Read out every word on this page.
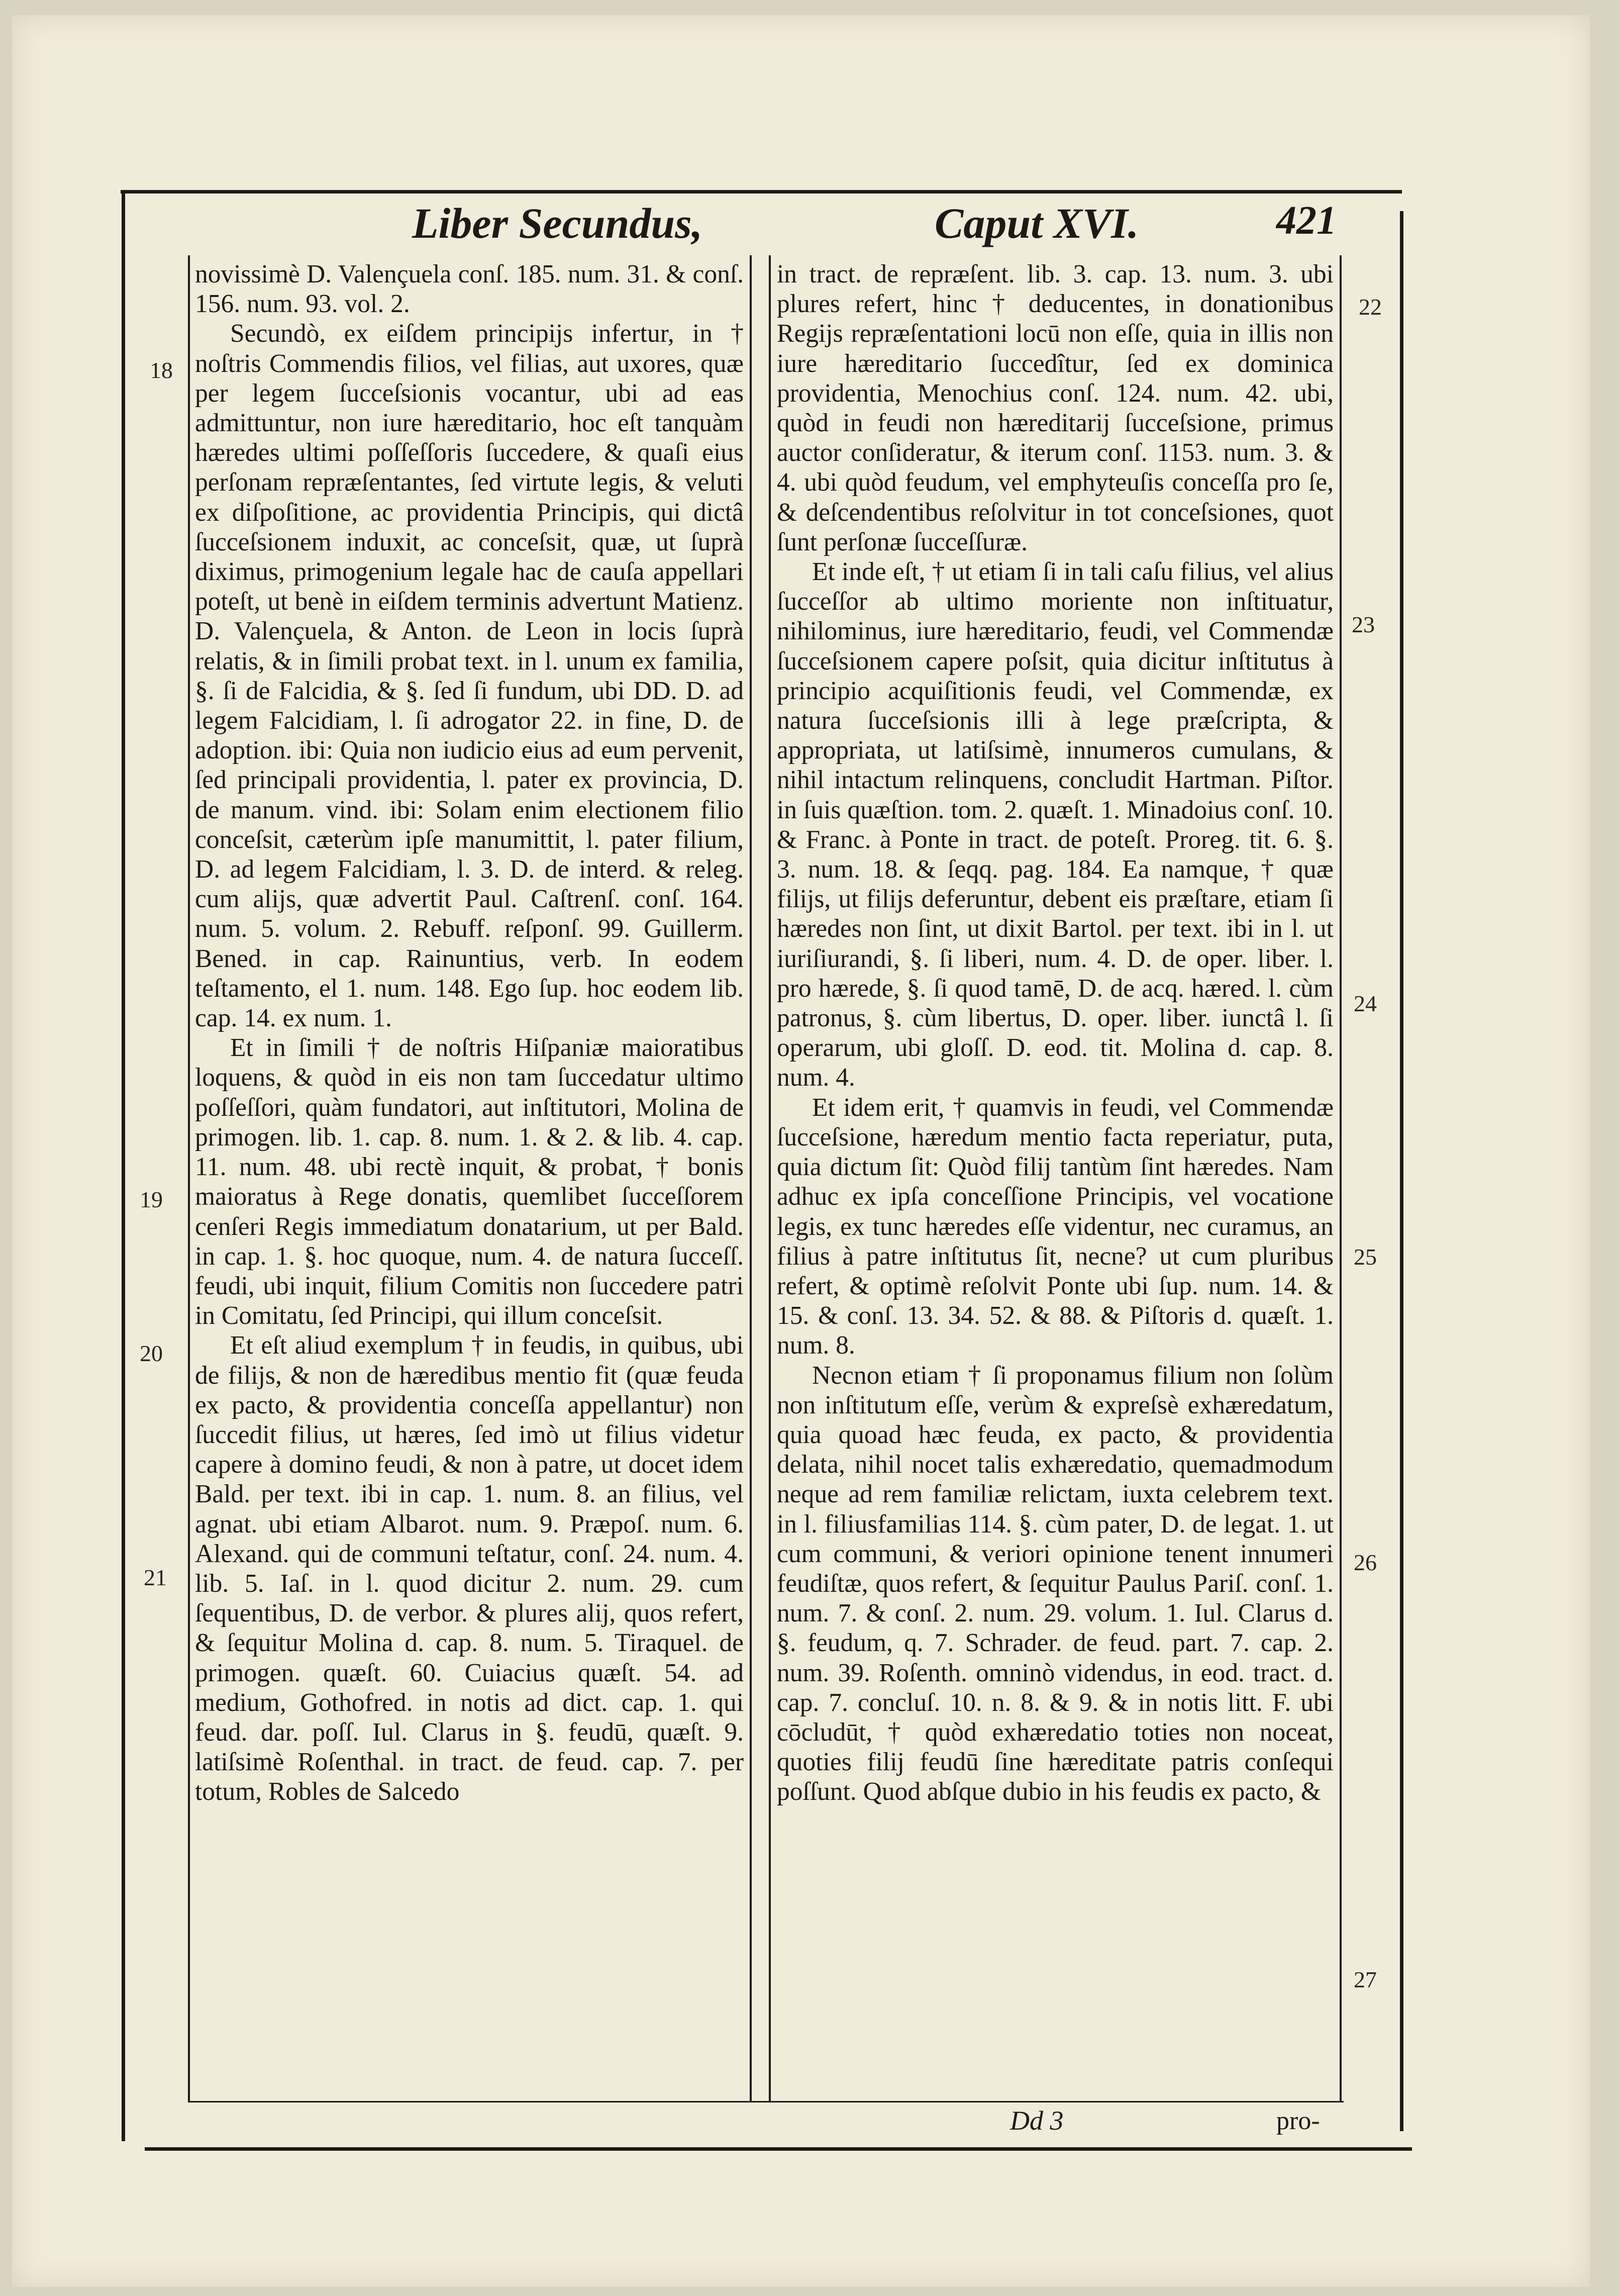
Liber Secundus,	Caput XVI.	421

novissimè D. Valençuela conſ. 185. num. 31. & conſ. 156. num. 93. vol. 2.

Secundò, ex eiſdem principijs infertur, in † noſtris Commendis filios, vel filias, aut uxores, quæ per legem ſucceſsionis vocantur, ubi ad eas admittuntur, non iure hæreditario, hoc eſt tanquàm hæredes ultimi poſſeſſoris ſuccedere, & quaſi eius perſonam repræſentantes, ſed virtute legis, & veluti ex diſpoſitione, ac providentia Principis, qui dictâ ſucceſsionem induxit, ac conceſsit, quæ, ut ſuprà diximus, primogenium legale hac de cauſa appellari poteſt, ut benè in eiſdem terminis advertunt Matienz. D. Valençuela, & Anton. de Leon in locis ſuprà relatis, & in ſimili probat text. in l. unum ex familia, §. ſi de Falcidia, & §. ſed ſi fundum, ubi DD. D. ad legem Falcidiam, l. ſi adrogator 22. in fine, D. de adoption. ibi: Quia non iudicio eius ad eum pervenit, ſed principali providentia, l. pater ex provincia, D. de manum. vind. ibi: Solam enim electionem filio conceſsit, cæterùm ipſe manumittit, l. pater filium, D. ad legem Falcidiam, l. 3. D. de interd. & releg. cum alijs, quæ advertit Paul. Caſtrenſ. conſ. 164. num. 5. volum. 2. Rebuff. reſponſ. 99. Guillerm. Bened. in cap. Rainuntius, verb. In eodem teſtamento, el 1. num. 148. Ego ſup. hoc eodem lib. cap. 14. ex num. 1.

Et in ſimili † de noſtris Hiſpaniæ maioratibus loquens, & quòd in eis non tam ſuccedatur ultimo poſſeſſori, quàm fundatori, aut inſtitutori, Molina de primogen. lib. 1. cap. 8. num. 1. & 2. & lib. 4. cap. 11. num. 48. ubi rectè inquit, & probat, † bonis maioratus à Rege donatis, quemlibet ſucceſſorem cenſeri Regis immediatum donatarium, ut per Bald. in cap. 1. §. hoc quoque, num. 4. de natura ſucceſſ. feudi, ubi inquit, filium Comitis non ſuccedere patri in Comitatu, ſed Principi, qui illum conceſsit.

Et eſt aliud exemplum † in feudis, in quibus, ubi de filijs, & non de hæredibus mentio fit (quæ feuda ex pacto, & providentia conceſſa appellantur) non ſuccedit filius, ut hæres, ſed imò ut filius videtur capere à domino feudi, & non à patre, ut docet idem Bald. per text. ibi in cap. 1. num. 8. an filius, vel agnat. ubi etiam Albarot. num. 9. Præpoſ. num. 6. Alexand. qui de communi teſtatur, conſ. 24. num. 4. lib. 5. Iaſ. in l. quod dicitur 2. num. 29. cum ſequentibus, D. de verbor. & plures alij, quos refert, & ſequitur Molina d. cap. 8. num. 5. Tiraquel. de primogen. quæſt. 60. Cuiacius quæſt. 54. ad medium, Gothofred. in notis ad dict. cap. 1. qui feud. dar. poſſ. Iul. Clarus in §. feudū, quæſt. 9. latiſsimè Roſenthal. in tract. de feud. cap. 7. per totum, Robles de Salcedo

in tract. de repræſent. lib. 3. cap. 13. num. 3. ubi plures refert, hinc † deducentes, in donationibus Regijs repræſentationi locū non eſſe, quia in illis non iure hæreditario ſuccedîtur, ſed ex dominica providentia, Menochius conſ. 124. num. 42. ubi, quòd in feudi non hæreditarij ſucceſsione, primus auctor conſideratur, & iterum conſ. 1153. num. 3. & 4. ubi quòd feudum, vel emphyteuſis conceſſa pro ſe, & deſcendentibus reſolvitur in tot conceſsiones, quot ſunt perſonæ ſucceſſuræ.

Et inde eſt, † ut etiam ſi in tali caſu filius, vel alius ſucceſſor ab ultimo moriente non inſtituatur, nihilominus, iure hæreditario, feudi, vel Commendæ ſucceſsionem capere poſsit, quia dicitur inſtitutus à principio acquiſitionis feudi, vel Commendæ, ex natura ſucceſsionis illi à lege præſcripta, & appropriata, ut latiſsimè, innumeros cumulans, & nihil intactum relinquens, concludit Hartman. Piſtor. in ſuis quæſtion. tom. 2. quæſt. 1. Minadoius conſ. 10. & Franc. à Ponte in tract. de poteſt. Proreg. tit. 6. §. 3. num. 18. & ſeqq. pag. 184. Ea namque, † quæ filijs, ut filijs deferuntur, debent eis præſtare, etiam ſi hæredes non ſint, ut dixit Bartol. per text. ibi in l. ut iuriſiurandi, §. ſi liberi, num. 4. D. de oper. liber. l. pro hærede, §. ſi quod tamē, D. de acq. hæred. l. cùm patronus, §. cùm libertus, D. oper. liber. iunctâ l. ſi operarum, ubi gloſſ. D. eod. tit. Molina d. cap. 8. num. 4.

Et idem erit, † quamvis in feudi, vel Commendæ ſucceſsione, hæredum mentio facta reperiatur, puta, quia dictum ſit: Quòd filij tantùm ſint hæredes. Nam adhuc ex ipſa conceſſione Principis, vel vocatione legis, ex tunc hæredes eſſe videntur, nec curamus, an filius à patre inſtitutus ſit, necne? ut cum pluribus refert, & optimè reſolvit Ponte ubi ſup. num. 14. & 15. & conſ. 13. 34. 52. & 88. & Piſtoris d. quæſt. 1. num. 8.

Necnon etiam † ſi proponamus filium non ſolùm non inſtitutum eſſe, verùm & expreſsè exhæredatum, quia quoad hæc feuda, ex pacto, & providentia delata, nihil nocet talis exhæredatio, quemadmodum neque ad rem familiæ relictam, iuxta celebrem text. in l. filiusfamilias 114. §. cùm pater, D. de legat. 1. ut cum communi, & veriori opinione tenent innumeri feudiſtæ, quos refert, & ſequitur Paulus Pariſ. conſ. 1. num. 7. & conſ. 2. num. 29. volum. 1. Iul. Clarus d. §. feudum, q. 7. Schrader. de feud. part. 7. cap. 2. num. 39. Roſenth. omninò videndus, in eod. tract. d. cap. 7. concluſ. 10. n. 8. & 9. & in notis litt. F. ubi cōcludūt, † quòd exhæredatio toties non noceat, quoties filij feudū ſine hæreditate patris conſequi poſſunt. Quod abſque dubio in his feudis ex pacto, &

18
19
20
21
22
23
24
25
26
27
Dd 3	pro-
